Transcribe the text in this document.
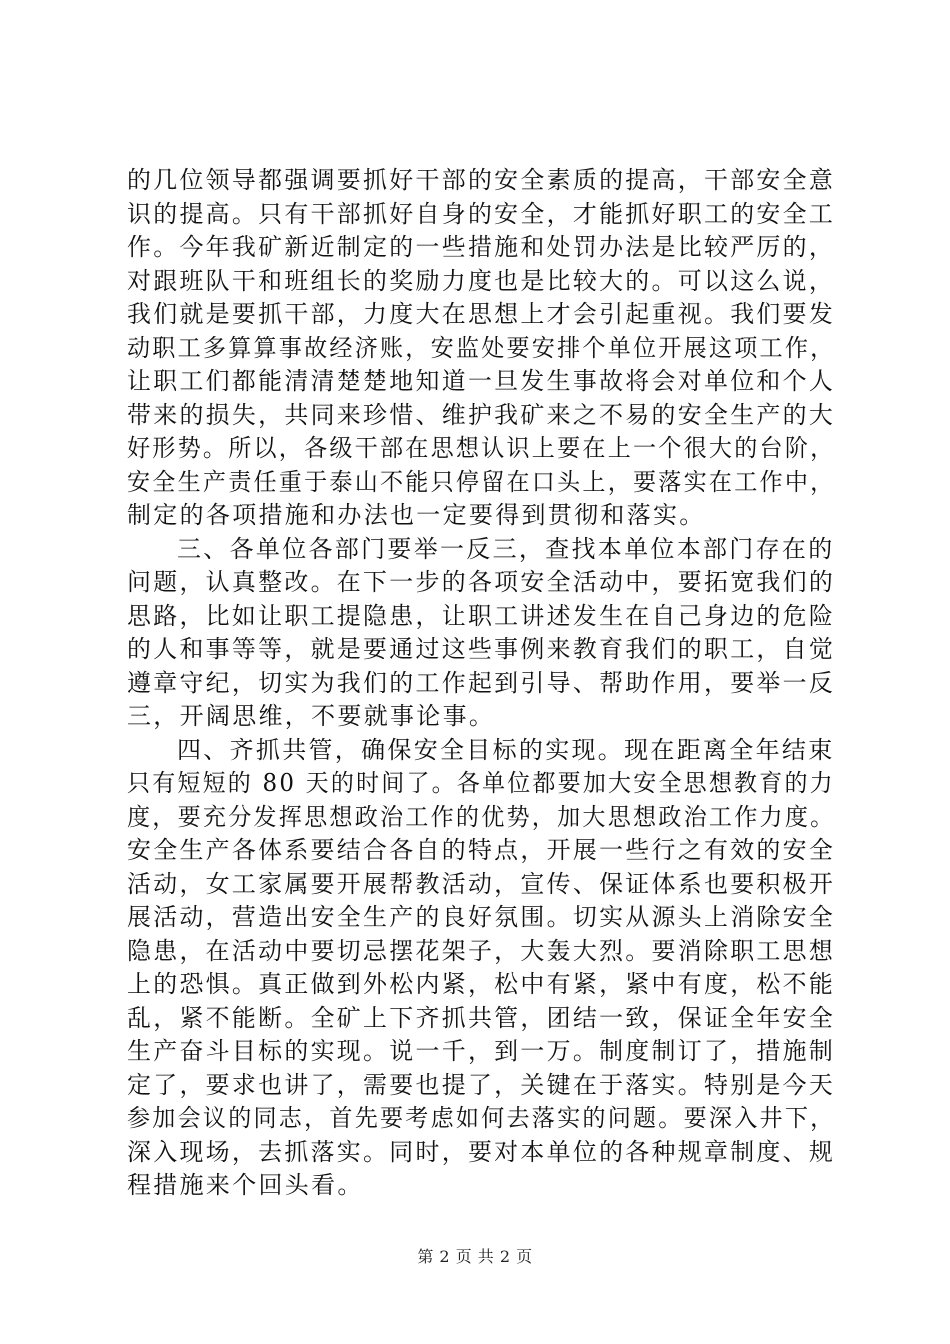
的几位领导都强调要抓好干部的安全素质的提高，干部安全意
识的提高。只有干部抓好自身的安全，才能抓好职工的安全工
作。今年我矿新近制定的一些措施和处罚办法是比较严厉的，
对跟班队干和班组长的奖励力度也是比较大的。可以这么说，
我们就是要抓干部，力度大在思想上才会引起重视。我们要发
动职工多算算事故经济账，安监处要安排个单位开展这项工作，
让职工们都能清清楚楚地知道一旦发生事故将会对单位和个人
带来的损失，共同来珍惜、维护我矿来之不易的安全生产的大
好形势。所以，各级干部在思想认识上要在上一个很大的台阶，
安全生产责任重于泰山不能只停留在口头上，要落实在工作中，
制定的各项措施和办法也一定要得到贯彻和落实。
三、各单位各部门要举一反三，查找本单位本部门存在的
问题，认真整改。在下一步的各项安全活动中，要拓宽我们的
思路，比如让职工提隐患，让职工讲述发生在自己身边的危险
的人和事等等，就是要通过这些事例来教育我们的职工，自觉
遵章守纪，切实为我们的工作起到引导、帮助作用，要举一反
三，开阔思维，不要就事论事。
四、齐抓共管，确保安全目标的实现。现在距离全年结束
只有短短的 80 天的时间了。各单位都要加大安全思想教育的力
度，要充分发挥思想政治工作的优势，加大思想政治工作力度。
安全生产各体系要结合各自的特点，开展一些行之有效的安全
活动，女工家属要开展帮教活动，宣传、保证体系也要积极开
展活动，营造出安全生产的良好氛围。切实从源头上消除安全
隐患，在活动中要切忌摆花架子，大轰大烈。要消除职工思想
上的恐惧。真正做到外松内紧，松中有紧，紧中有度，松不能
乱，紧不能断。全矿上下齐抓共管，团结一致，保证全年安全
生产奋斗目标的实现。说一千，到一万。制度制订了，措施制
定了，要求也讲了，需要也提了，关键在于落实。特别是今天
参加会议的同志，首先要考虑如何去落实的问题。要深入井下，
深入现场，去抓落实。同时，要对本单位的各种规章制度、规
程措施来个回头看。
第 2 页 共 2 页
